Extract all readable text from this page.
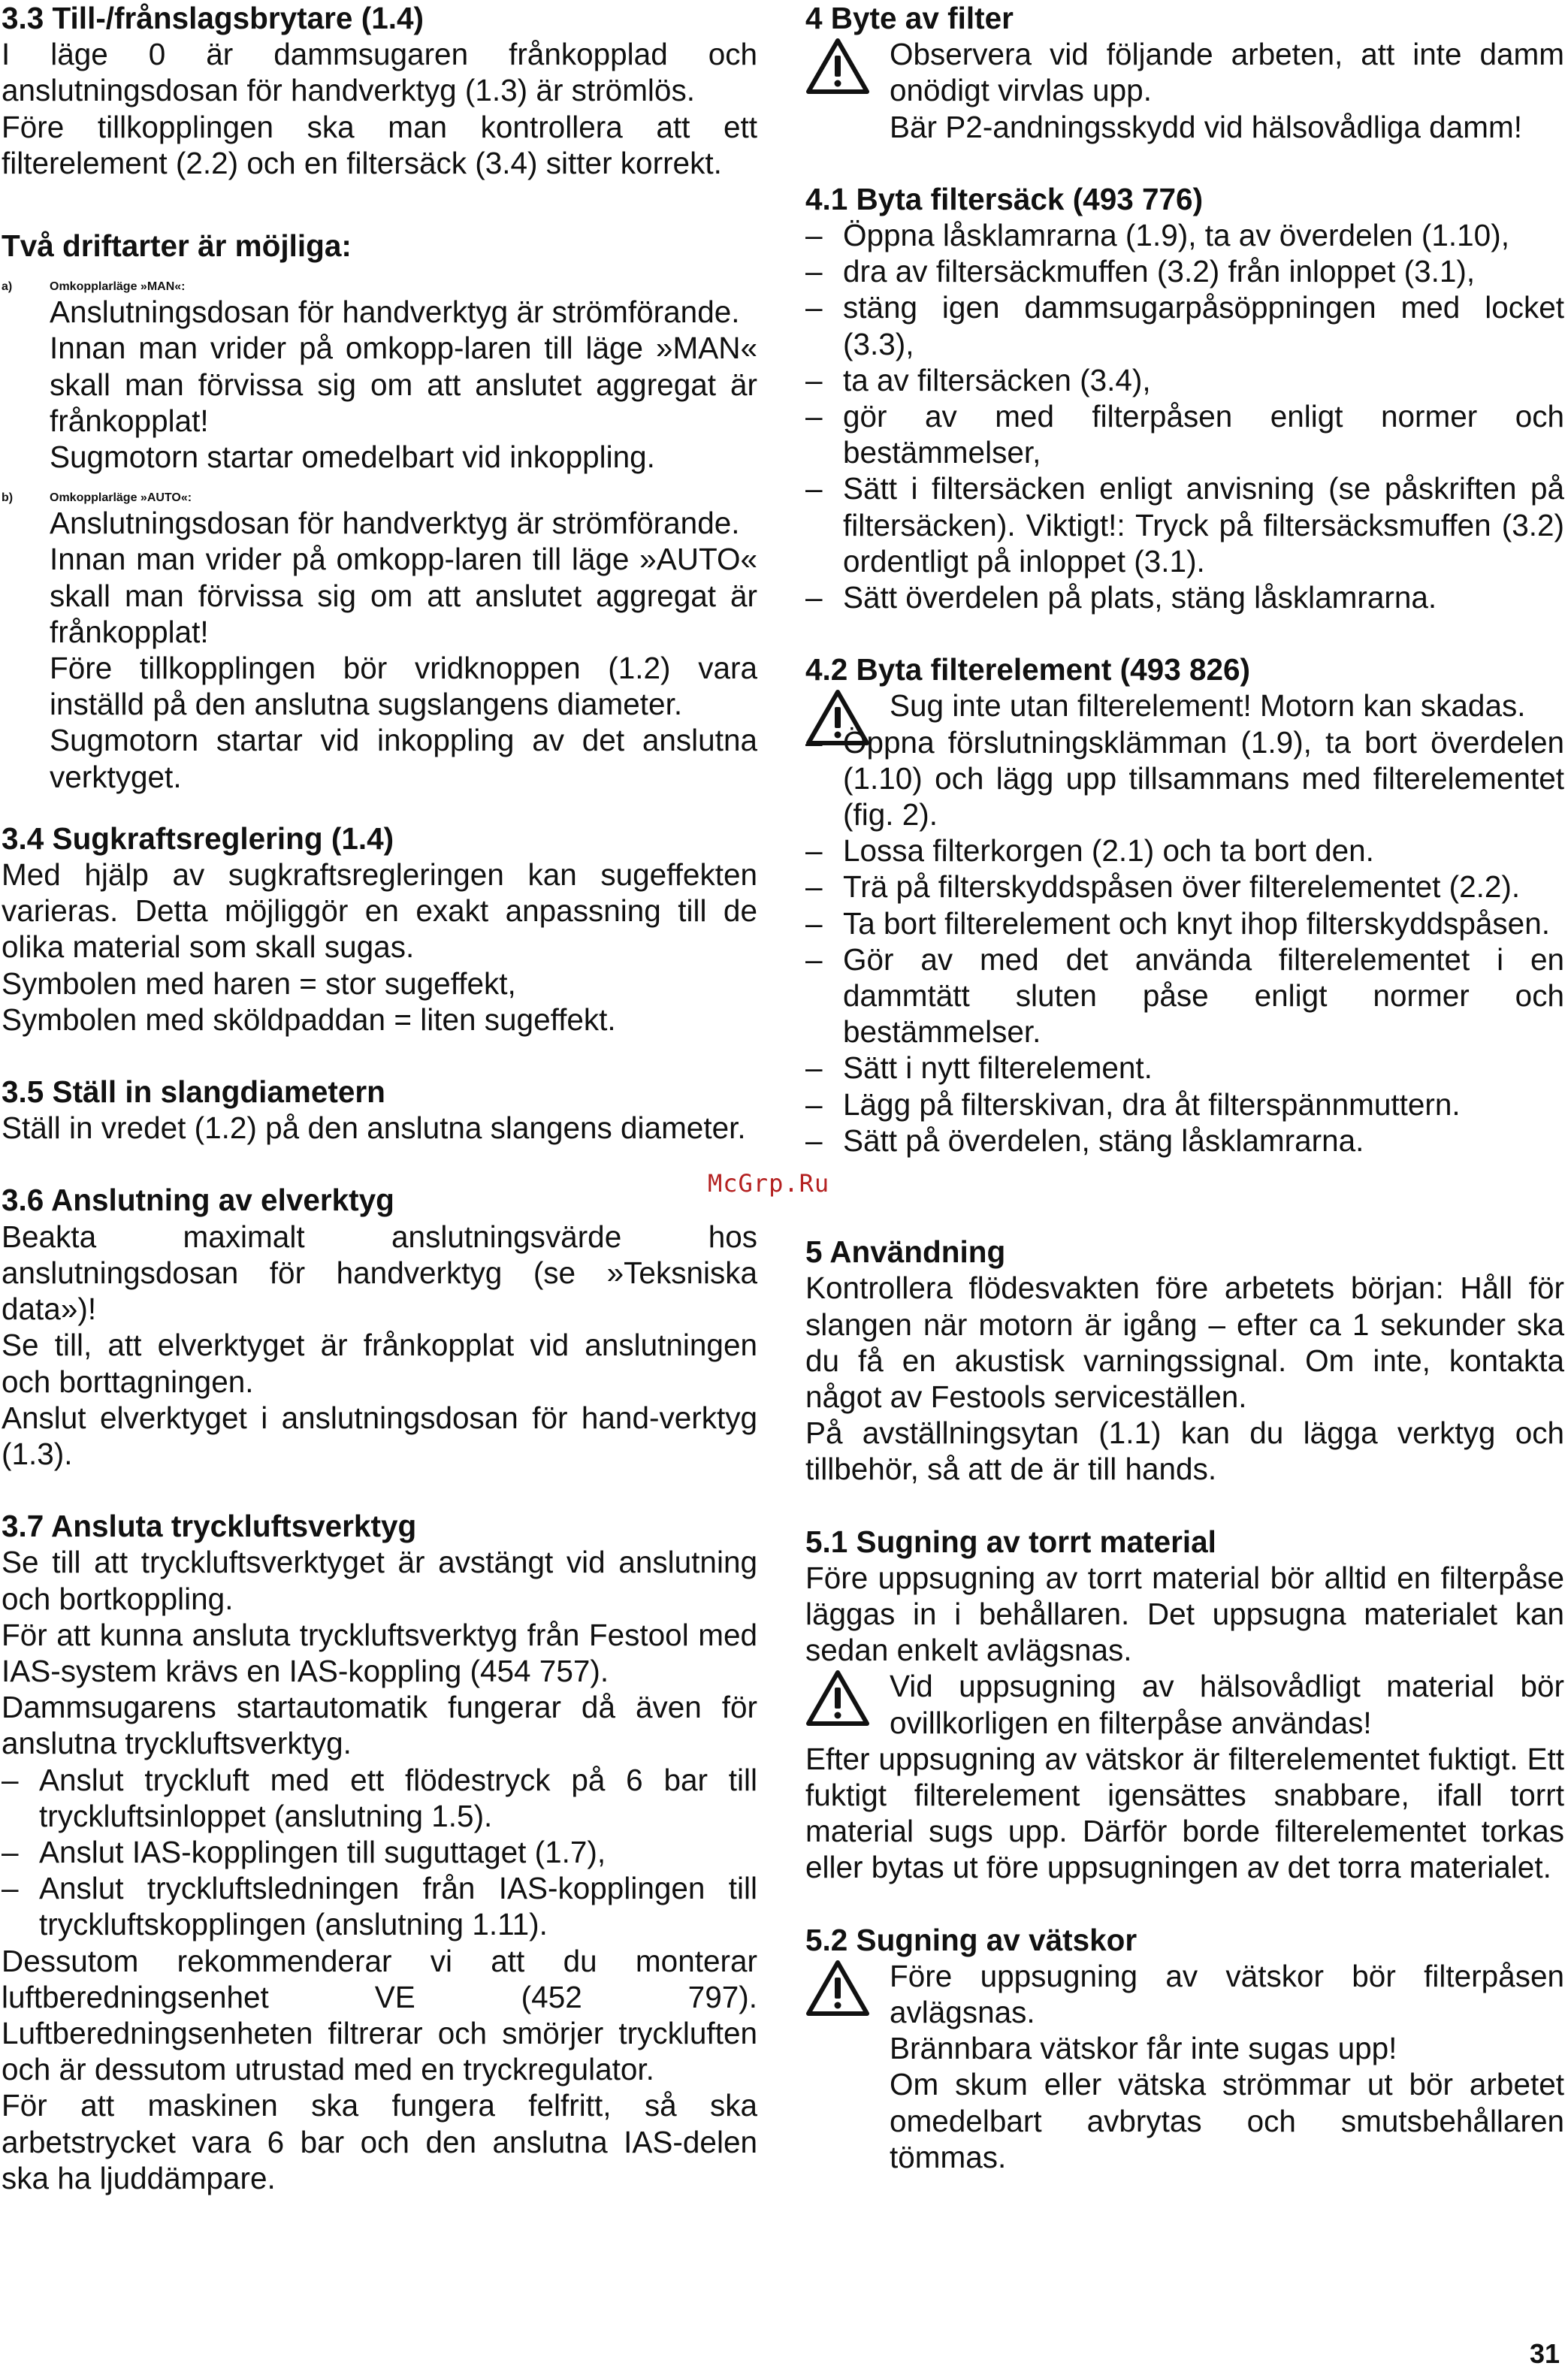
3.3 Till-/frånslagsbrytare (1.4)

I läge 0 är dammsugaren frånkopplad och anslutningsdosan för handverktyg (1.3) är strömlös.

Före tillkopplingen ska man kontrollera att ett filterelement (2.2) och en filtersäck (3.4) sitter korrekt.

Två driftarter är möjliga:
a)	Omkopplarläge »MAN«:

Anslutningsdosan för handverktyg är strömförande.

Innan man vrider på omkopp-laren till läge »MAN« skall man förvissa sig om att anslutet aggregat är frånkopplat!

Sugmotorn startar omedelbart vid inkoppling.

b)	Omkopplarläge »AUTO«:

Anslutningsdosan för handverktyg är strömförande.

Innan man vrider på omkopp-laren till läge »AUTO« skall man förvissa sig om att anslutet aggregat är frånkopplat!

Före tillkopplingen bör vridknoppen (1.2) vara inställd på den anslutna sugslangens diameter.

Sugmotorn startar vid inkoppling av det anslutna verktyget.

3.4 Sugkraftsreglering (1.4)

Med hjälp av sugkraftsregleringen kan sugeffekten varieras. Detta möjliggör en exakt anpassning till de olika material som skall sugas.

Symbolen med haren = stor sugeffekt,

Symbolen med sköldpaddan = liten sugeffekt.

3.5 Ställ in slangdiametern

Ställ in vredet (1.2) på den anslutna slangens diameter.

3.6 Anslutning av elverktyg

Beakta maximalt anslutningsvärde hos anslutningsdosan för handverktyg (se »Teksniska data»)!

Se till, att elverktyget är frånkopplat vid anslutningen och borttagningen.

Anslut elverktyget i anslutningsdosan för hand-verktyg (1.3).

3.7 Ansluta tryckluftsverktyg

Se till att tryckluftsverktyget är avstängt vid anslutning och bortkoppling.

För att kunna ansluta tryckluftsverktyg från Festool med IAS-system krävs en IAS-koppling (454 757).

Dammsugarens startautomatik fungerar då även för anslutna tryckluftsverktyg.

– Anslut tryckluft med ett flödestryck på 6 bar till tryckluftsinloppet (anslutning 1.5).
– Anslut IAS-kopplingen till suguttaget (1.7),
– Anslut tryckluftsledningen från IAS-kopplingen till tryckluftskopplingen (anslutning 1.11).

Dessutom rekommenderar vi att du monterar luftberedningsenhet VE (452 797). Luftberedningsenheten filtrerar och smörjer tryckluften och är dessutom utrustad med en tryckregulator.

För att maskinen ska fungera felfritt, så ska arbetstrycket vara 6 bar och den anslutna IAS-delen ska ha ljuddämpare.

4 Byte av filter

Observera vid följande arbeten, att inte damm onödigt virvlas upp.

Bär P2-andningsskydd vid hälsovådliga damm!

4.1 Byta filtersäck (493 776)
– Öppna låsklamrarna (1.9), ta av överdelen (1.10),
– dra av filtersäckmuffen (3.2) från inloppet (3.1),
– stäng igen dammsugarpåsöppningen med locket (3.3),
– ta av filtersäcken (3.4),
– gör av med filterpåsen enligt normer och bestämmelser,
– Sätt i filtersäcken enligt anvisning (se påskriften på filtersäcken). Viktigt!: Tryck på filtersäcksmuffen (3.2) ordentligt på inloppet (3.1).
– Sätt överdelen på plats, stäng låsklamrarna.
4.2 Byta filterelement (493 826)

Sug inte utan filterelement! Motorn kan skadas.

– Öppna förslutningsklämman (1.9), ta bort överdelen (1.10) och lägg upp tillsammans med filterelementet (fig. 2).
– Lossa filterkorgen (2.1) och ta bort den.
– Trä på filterskyddspåsen över filterelementet (2.2).
– Ta bort filterelement och knyt ihop filterskyddspåsen.
– Gör av med det använda filterelementet i en dammtätt sluten påse enligt normer och bestämmelser.
– Sätt i nytt filterelement.
– Lägg på filterskivan, dra åt filterspännmuttern.
– Sätt på överdelen, stäng låsklamrarna.
5 Användning

Kontrollera flödesvakten före arbetets början: Håll för slangen när motorn är igång – efter ca 1 sekunder ska du få en akustisk varningssignal. Om inte, kontakta något av Festools serviceställen.

På avställningsytan (1.1) kan du lägga verktyg och tillbehör, så att de är till hands.

5.1 Sugning av torrt material

Före uppsugning av torrt material bör alltid en filterpåse läggas in i behållaren. Det uppsugna materialet kan sedan enkelt avlägsnas.

Vid uppsugning av hälsovådligt material bör ovillkorligen en filterpåse användas!

Efter uppsugning av vätskor är filterelementet fuktigt. Ett fuktigt filterelement igensättes snabbare, ifall torrt material sugs upp. Därför borde filterelementet torkas eller bytas ut före uppsugningen av det torra materialet.

5.2 Sugning av vätskor

Före uppsugning av vätskor bör filterpåsen avlägsnas.

Brännbara vätskor får inte sugas upp!

Om skum eller vätska strömmar ut bör arbetet omedelbart avbrytas och smutsbehållaren tömmas.

McGrp.Ru
31
